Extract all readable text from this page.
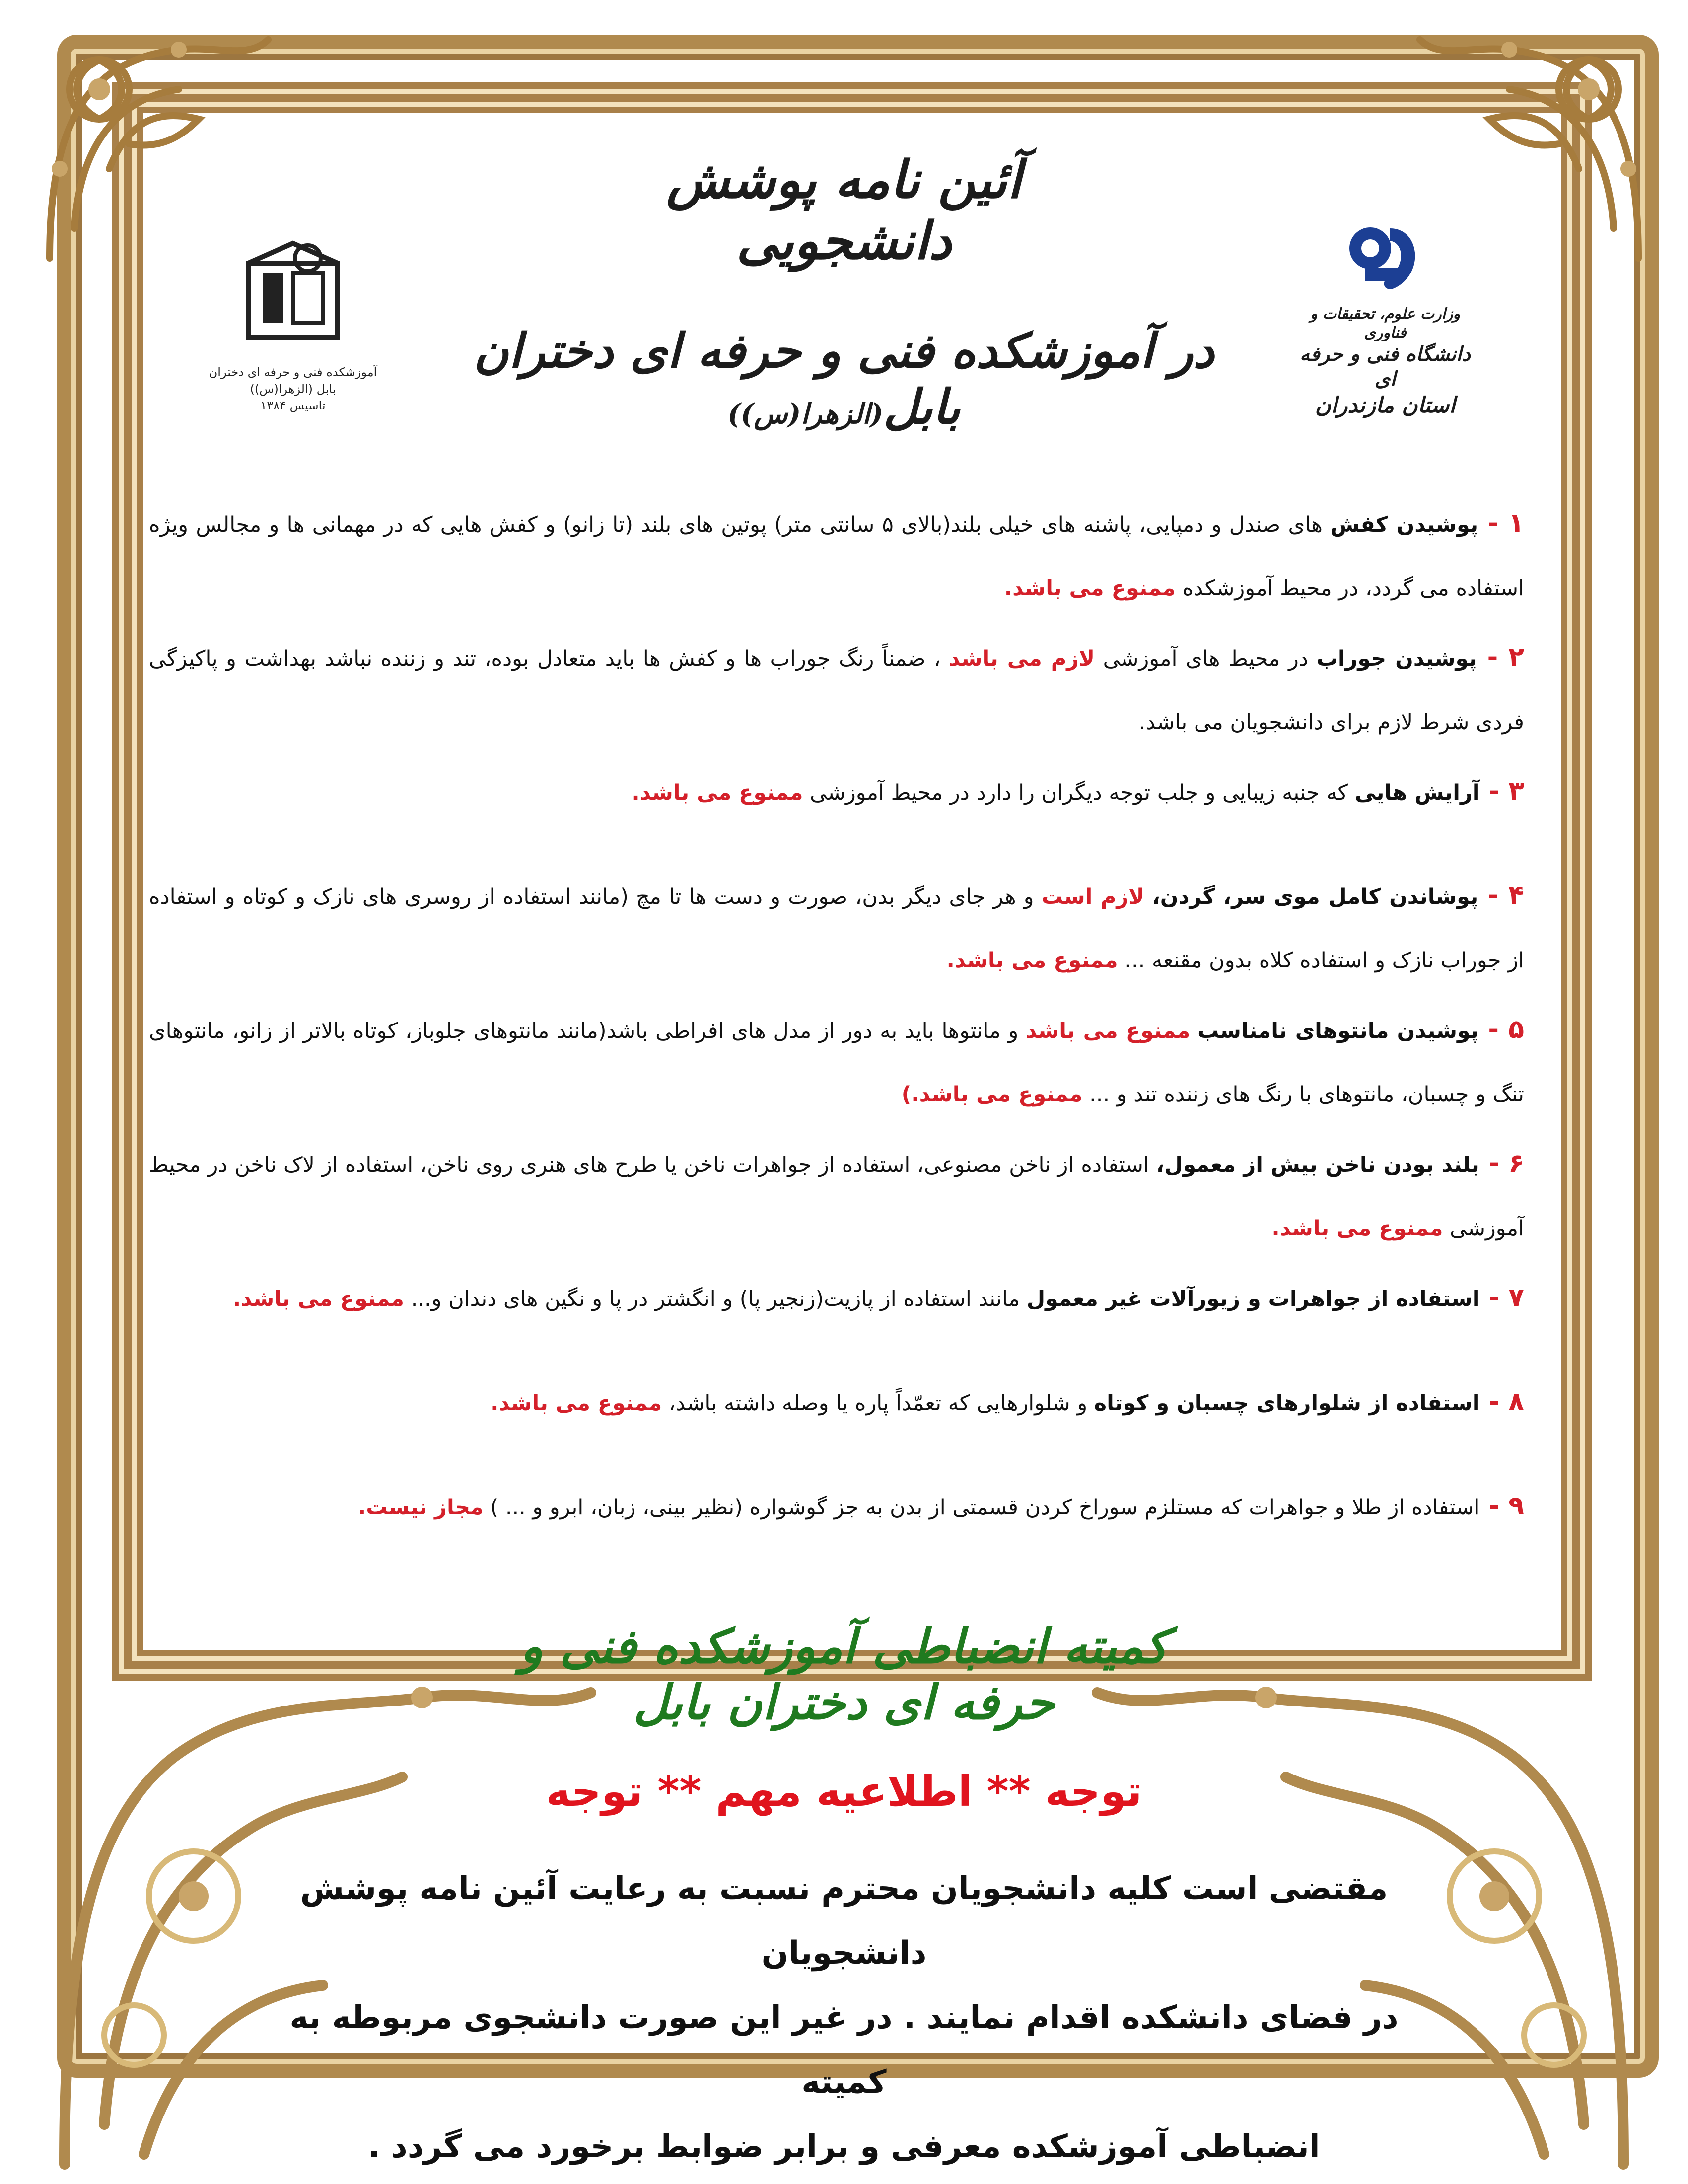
آئین نامه پوشش دانشجویی
در آموزشکده فنی و حرفه ای دختران بابل(الزهرا(س))
آموزشکده فنی و حرفه ای دختران بابل (الزهرا(س))
تاسیس ۱۳۸۴
وزارت علوم، تحقیقات و فناوری
دانشگاه فنی و حرفه ای
استان مازندران
۱ - پوشیدن کفش های صندل و دمپایی، پاشنه های خیلی بلند(بالای ۵ سانتی متر) پوتین های بلند (تا زانو) و کفش هایی که در مهمانی ها و مجالس ویژه استفاده می گردد، در محیط آموزشکده ممنوع می باشد.
۲ - پوشیدن جوراب در محیط های آموزشی لازم می باشد ، ضمناً رنگ جوراب ها و کفش ها باید متعادل بوده، تند و زننده نباشد بهداشت و پاکیزگی فردی شرط لازم برای دانشجویان می باشد.
۳ - آرایش هایی که جنبه زیبایی و جلب توجه دیگران را دارد در محیط آموزشی ممنوع می باشد.
۴ - پوشاندن کامل موی سر، گردن، لازم است و هر جای دیگر بدن، صورت و دست ها تا مچ (مانند استفاده از روسری های نازک و کوتاه و استفاده از جوراب نازک و استفاده کلاه بدون مقنعه ... ممنوع می باشد.
۵ - پوشیدن مانتوهای نامناسب ممنوع می باشد و مانتوها باید به دور از مدل های افراطی باشد(مانند مانتوهای جلوباز، کوتاه بالاتر از زانو، مانتوهای تنگ و چسبان، مانتوهای با رنگ های زننده تند و ... ممنوع می باشد.)
۶ - بلند بودن ناخن بیش از معمول، استفاده از ناخن مصنوعی، استفاده از جواهرات ناخن یا طرح های هنری روی ناخن، استفاده از لاک ناخن در محیط آموزشی ممنوع می باشد.
۷ - استفاده از جواهرات و زیورآلات غیر معمول مانند استفاده از پازیت(زنجیر پا) و انگشتر در پا و نگین های دندان و... ممنوع می باشد.
۸ - استفاده از شلوارهای چسبان و کوتاه و شلوارهایی که تعمّداً پاره یا وصله داشته باشد، ممنوع می باشد.
۹ - استفاده از طلا و جواهرات که مستلزم سوراخ کردن قسمتی از بدن به جز گوشواره (نظیر بینی، زبان، ابرو و ... ) مجاز نیست.
کمیته انضباطی آموزشکده فنی و حرفه ای دختران بابل
توجه ** اطلاعیه مهم ** توجه
مقتضی است کلیه دانشجویان محترم نسبت به رعایت آئین نامه پوشش دانشجویان
در فضای دانشکده اقدام نمایند . در غیر این صورت دانشجوی مربوطه به کمیته
انضباطی آموزشکده معرفی و برابر ضوابط برخورد می گردد .
